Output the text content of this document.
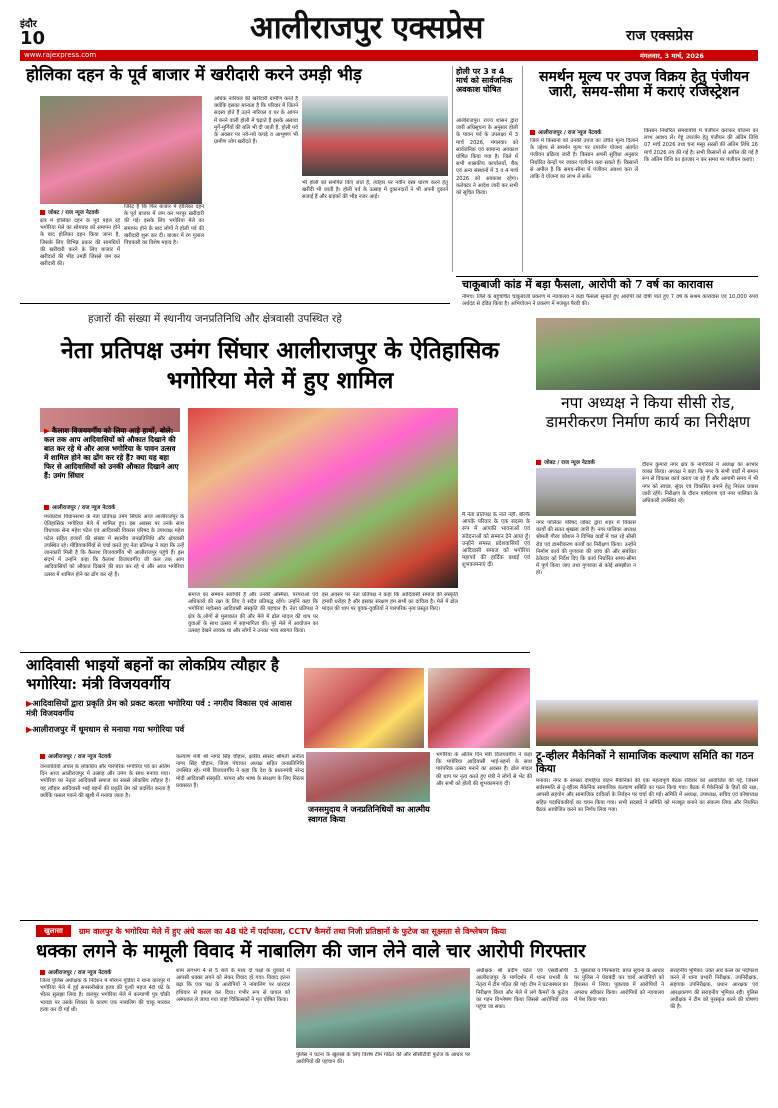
इंदौर
10	आलीराजपुर एक्सप्रेस	राज एक्सप्रेस
www.rajexpress.com	मंगलवार, 3 मार्च, 2026
होलिका दहन के पूर्व बाजार में खरीदारी करने उमड़ी भीड़
जोबट / राज न्यूज नेटवर्क
क्षेत्र में होलिका दहन के पूर्व पहल रहे भगोरिया मेले का सोमवार को समापन होने के बाद होलिका दहन किया जाना है, जिसके लिए विभिन्न प्रकार की सामग्रियों की खरीदारी करने के लिए बाजार में खरीदारों की भीड़ उमड़ी जिससे जम कर खरीदारी की।
जिरेट है कि फिर बाजार में होलिका दहन के पूर्व बाजार में जम कर भरपूर खरीदारी की गई। इसके लिए भगोरिया मेले का समापन होने के बाद लोगों ने होली पर्व की खरीदारी शुरू कर दी। बाजार में रंग गुलाल पिचकारी का विशेष महत्व है।
अधिक नारियल की खरीदारी ग्रामीण करते हैं क्योंकि इसका मान्यता है कि परिवार में जितने सदस्य होते हैं उतने नारियल व घर के आंगन में बनने वाली होली में चढ़ाते हैं इसके अलावा मुर्गे-मुर्गियों की बलि भी दी जाती है, होली पर्व के अवसर पर नये-नये कपड़े व आभूषण भी ग्रामीण लोग खरीदते हैं।
भी होली को समर्पित किए जाते हैं, त्योहार पर नवीन वस्त्र धारण करने हेतु खरीदी भी जाती है। होली पर्व के उत्साह में दुकानदारों ने भी अपनी दुकानें सजाई हैं और ग्राहकों की भीड़ नजर आई।
होली पर 3 व 4 मार्च को सार्वजनिक अवकाश घोषित
आलीराजपुर। राज्य शासन द्वारा जारी अधिसूचना के अनुसार होली के पावन पर्व के उपलक्ष्य में 3 मार्च 2026, मंगलवार को सार्वजनिक एवं सामान्य अवकाश घोषित किया गया है। जिले में सभी शासकीय कार्यालयों, बैंक एवं अन्य संस्थानों में 3 व 4 मार्च 2026 को अवकाश रहेगा। कलेक्टर ने आदेश जारी कर सभी को सूचित किया।
समर्थन मूल्य पर उपज विक्रय हेतु पंजीयन जारी, समय-सीमा में कराएं रजिस्ट्रेशन
आलीराजपुर / राज न्यूज नेटवर्क
जिले में किसानों को उनकी उपज का उचित मूल्य दिलाने के उद्देश्य से समर्थन मूल्य पर उपार्जन योजना अंतर्गत पंजीयन प्रक्रिया जारी है। किसान अपनी सुविधा अनुसार निर्धारित केन्द्रों पर जाकर पंजीयन करा सकते हैं। किसानों से अपील है कि समय-सीमा में पंजीयन अवश्य करा लें ताकि वे योजना का लाभ ले सकें।
किसान निर्धारित समयावधि में पंजीयन कराकर योजना का लाभ अवश्य लें। गेहूं उपार्जन हेतु पंजीयन की अंतिम तिथि 07 मार्च 2026 तथा चना मसूर सरसों की अंतिम तिथि 16 मार्च 2026 तय की गई है। सभी किसानों से अपील की गई है कि अंतिम तिथि का इंतजार न कर समय पर पंजीयन कराएं।
चाकूबाजी कांड में बड़ा फैसला, आरोपी को 7 वर्ष का कारावास
नीमच। जिले के बहुचर्चित चाकूबाजी प्रकरण में न्यायालय ने कड़ा फैसला सुनाते हुए आरोपी को दोषी पाते हुए 7 वर्ष के सश्रम कारावास एवं 10,000 रुपये अर्थदंड से दंडित किया है। अभियोजन ने प्रकरण में मजबूत पैरवी की।
हजारों की संख्या में स्थानीय जनप्रतिनिधि और क्षेत्रवासी उपस्थित रहे
नेता प्रतिपक्ष उमंग सिंघार आलीराजपुर के ऐतिहासिक भगोरिया मेले में हुए शामिल
▶ कैलाश विजयवर्गीय को लिया आड़े हाथों, बोले: कल तक आप आदिवासियों को औकात दिखाने की बात कर रहे थे और आज भगोरिया के पावन उत्सव में शामिल होने का ढोंग कर रहे हैं? क्या यह बहा फिर से आदिवासियों को उनकी औकात दिखाने आए हैं: उमंग सिंघार
आलीराजपुर / राज न्यूज नेटवर्क
मध्यप्रदेश विधानसभा के नेता प्रतिपक्ष उमंग सिंघार आज आलीराजपुर के ऐतिहासिक भगोरिया मेले में शामिल हुए। इस अवसर पर उनके साथ विधायक सेना महेश पटेल एवं आदिवासी विकास परिषद के उपाध्यक्ष महेश पटेल सहित हजारों की संख्या में स्थानीय जनप्रतिनिधि और क्षेत्रवासी उपस्थित रहे। मीडियाकर्मियों से चर्चा करते हुए नेता प्रतिपक्ष ने कहा कि उन्हें जानकारी मिली है कि कैलाश विजयवर्गीय भी आलीराजपुर पहुंचे हैं। इस संदर्भ में उन्होंने कहा कि कैलाश विजयवर्गीय जी कल तक आप आदिवासियों को औकात दिखाने की बात कर रहे थे और आज भगोरिया उत्सव में शामिल होने का ढोंग कर रहे हैं।
समाज का सम्मान सर्वोपरि है और उनकी अस्मिता, परंपराओं एवं अधिकारों की रक्षा के लिए वे सदैव प्रतिबद्ध रहेंगे। उन्होंने कहा कि भगोरिया महोत्सव आदिवासी संस्कृति की पहचान है। नेता प्रतिपक्ष ने क्षेत्र के लोगों से मुलाकात की और मेले में ढोल मांदल की थाप पर युवाओं के साथ उत्सव में सहभागिता की। पूरे मेले में आयोजन का उत्साह देखने लायक था और लोगों ने उनका भव्य स्वागत किया।
इस अवसर पर नेता प्रतिपक्ष ने कहा कि आदिवासी समाज की संस्कृति हमारी धरोहर है और इसका संरक्षण हम सभी का दायित्व है। मेले में ढोल मांदल की थाप पर युवक-युवतियों ने पारंपरिक नृत्य प्रस्तुत किए।
मैं नेता प्रतिपक्ष के नाते नहीं, बल्कि आपके परिवार के एक सदस्य के रूप में आपकी भावनाओं एवं संवेदनाओं को सम्मान देने आया हूँ। उन्होंने समस्त प्रदेशवासियों एवं आदिवासी समाज को भगोरिया महापर्व की हार्दिक बधाई एवं शुभकामनाएं दीं।
नपा अध्यक्ष ने किया सीसी रोड, डामरीकरण निर्माण कार्य का निरीक्षण
जोबट / राज न्यूज नेटवर्क
नगर पालिका परिषद जोबट द्वारा शहर में विकास कार्यों की सतत श्रृंखला जारी है। नगर पालिका अध्यक्ष श्रीमती गौरव कौशल ने विभिन्न वार्डों में चल रहे सीसी रोड एवं डामरीकरण कार्यों का निरीक्षण किया। उन्होंने निर्माण कार्य की गुणवत्ता की जांच की और संबंधित ठेकेदार को निर्देश दिए कि कार्य निर्धारित समय-सीमा में पूर्ण किया जाए तथा गुणवत्ता से कोई समझौता न हो।
दौरान कुमारा नगर क्षेत्र के नागरिकों ने अध्यक्ष का आभार व्यक्त किया। अध्यक्ष ने कहा कि नगर के सभी वार्डों में समान रूप से विकास कार्य कराए जा रहे हैं और आगामी समय में भी नगर को स्वच्छ, सुंदर एवं विकसित बनाने हेतु निरंतर प्रयास जारी रहेंगे। निरीक्षण के दौरान पार्षदगण एवं नगर पालिका के अधिकारी उपस्थित रहे।
आदिवासी भाइयों बहनों का लोकप्रिय त्यौहार है भगोरिया: मंत्री विजयवर्गीय
▶आदिवासियों द्वारा प्रकृति प्रेम को प्रकट करता भगोरिया पर्व : नगरीय विकास एवं आवास मंत्री विजयवर्गीय
▶आलीराजपुर में धूमधाम से मनाया गया भगोरिया पर्व
आलीराजपुर / राज न्यूज नेटवर्क
जनजातियों अंचल के लोकप्रिय और पारंपरिक भगोरिया पर्व का अंतिम दिन आज आलीराजपुर में उत्साह और उमंग के साथ मनाया गया। भगोरिया का नेतृत्व आदिवासी समाज का सबसे लोकप्रिय त्यौहार है। यह त्यौहार आदिवासी भाई बहनों की प्रकृति प्रेम को प्रदर्शित करता है क्योंकि फसल पकने की खुशी में मनाया जाता है।
कल्याण मंत्री श्री नागर सिंह चौहान, क्षेत्रीय सांसद श्रीमती अनीता नागर सिंह चौहान, जिला पंचायत अध्यक्ष सहित जनप्रतिनिधि उपस्थित रहे। मंत्री विजयवर्गीय ने कहा कि देश के प्रधानमंत्री नरेन्द्र मोदी आदिवासी संस्कृति, परंपरा और भाषा के संरक्षण के लिए निरंतर प्रयासरत हैं।
जनसमुदाय ने जनप्रतिनिधियों का आत्मीय स्वागत किया
भगोरिया के अंतिम दिन मंत्री विजयवर्गीय ने कहा कि भगोरिया आदिवासी भाई-बहनों के साथ पारंपरिक उत्सव मनाने का अवसर है। ढोल मांदल की थाप पर नृत्य करते हुए मंत्री ने लोगों से भेंट की और सभी को होली की शुभकामनाएं दीं।
टू-व्हीलर मैकेनिकों ने सामाजिक कल्याण समिति का गठन किया
मनावर। नगर के समस्त दोपहिया वाहन मैकेनिकों की एक महत्वपूर्ण बैठक रविवार को आयोजित की गई, जिसमें सर्वसम्मति से टू-व्हीलर मैकेनिक सामाजिक कल्याण समिति का गठन किया गया। बैठक में मैकेनिकों के हितों की रक्षा, आपसी सहयोग और सामाजिक दायित्वों के निर्वहन पर चर्चा की गई। समिति में अध्यक्ष, उपाध्यक्ष, सचिव एवं कोषाध्यक्ष सहित पदाधिकारियों का चयन किया गया। सभी सदस्यों ने समिति को मजबूत बनाने का संकल्प लिया और नियमित बैठक आयोजित करने का निर्णय लिया गया।
खुलासा	ग्राम वालपुर के भगोरिया मेले में हुए अंधे कत्ल का 48 घंटे में पर्दाफाश, CCTV कैमरों तथा निजी प्रतिष्ठानों के फुटेज का सूक्ष्मता से विश्लेषण किया
धक्का लगने के मामूली विवाद में नाबालिग की जान लेने वाले चार आरोपी गिरफ्तार
आलीराजपुर / राज न्यूज नेटवर्क
जिला पुलिस अधीक्षक के निर्देशन में मोरगन गुडिया ने थाना वालपुर में भगोरिया मेले में हुई सनसनीखेज हत्या की गुत्थी महज 48 घंटे के भीतर सुलझा लिया है। वालपुर भगोरिया मेले में कल्याणी पुत्र चौकी भायड़ा पर उसके शिकार के कारण एक नाबालिग की चाकू मारकर हत्या कर दी गई थी।
शाम लगभग 4 से 5 बजे के मध्य दो पक्षों के युवकों में आपसी धक्का लगने को लेकर विवाद हो गया। विवाद इतना बढ़ा कि एक पक्ष के आरोपियों ने नाबालिग पर धारदार हथियार से हमला कर दिया। गंभीर रूप से घायल को अस्पताल ले जाया गया जहां चिकित्सकों ने मृत घोषित किया।
पुलिस ने घटना के खुलासे के लिए विशेष टीम गठित की और सीसीटीवी फुटेज के आधार पर आरोपियों की पहचान की।
अधीक्षक श्री प्रदीप पटेल एवं एसडीओपी आलीराजपुर के मार्गदर्शन में थाना प्रभारी के नेतृत्व में टीम गठित की गई। टीम ने घटनास्थल का निरीक्षण किया और मेले में लगे कैमरों के फुटेज का गहन विश्लेषण किया जिससे आरोपियों तक पहुंचा जा सका।
3. पूछताछ व गिरफ्तारी: प्राप्त सूचना के आधार पर पुलिस ने घेराबंदी कर चारों आरोपियों को हिरासत में लिया। पूछताछ में आरोपियों ने अपराध स्वीकार किया। आरोपियों को न्यायालय में पेश किया गया।
सराहनीय भूमिका: उक्त अंधे कत्ल का पर्दाफाश करने में थाना प्रभारी निरीक्षक, उपनिरीक्षक, सहायक उपनिरीक्षक, प्रधान आरक्षक एवं आरक्षकगण की सराहनीय भूमिका रही। पुलिस अधीक्षक ने टीम को पुरस्कृत करने की घोषणा की है।
